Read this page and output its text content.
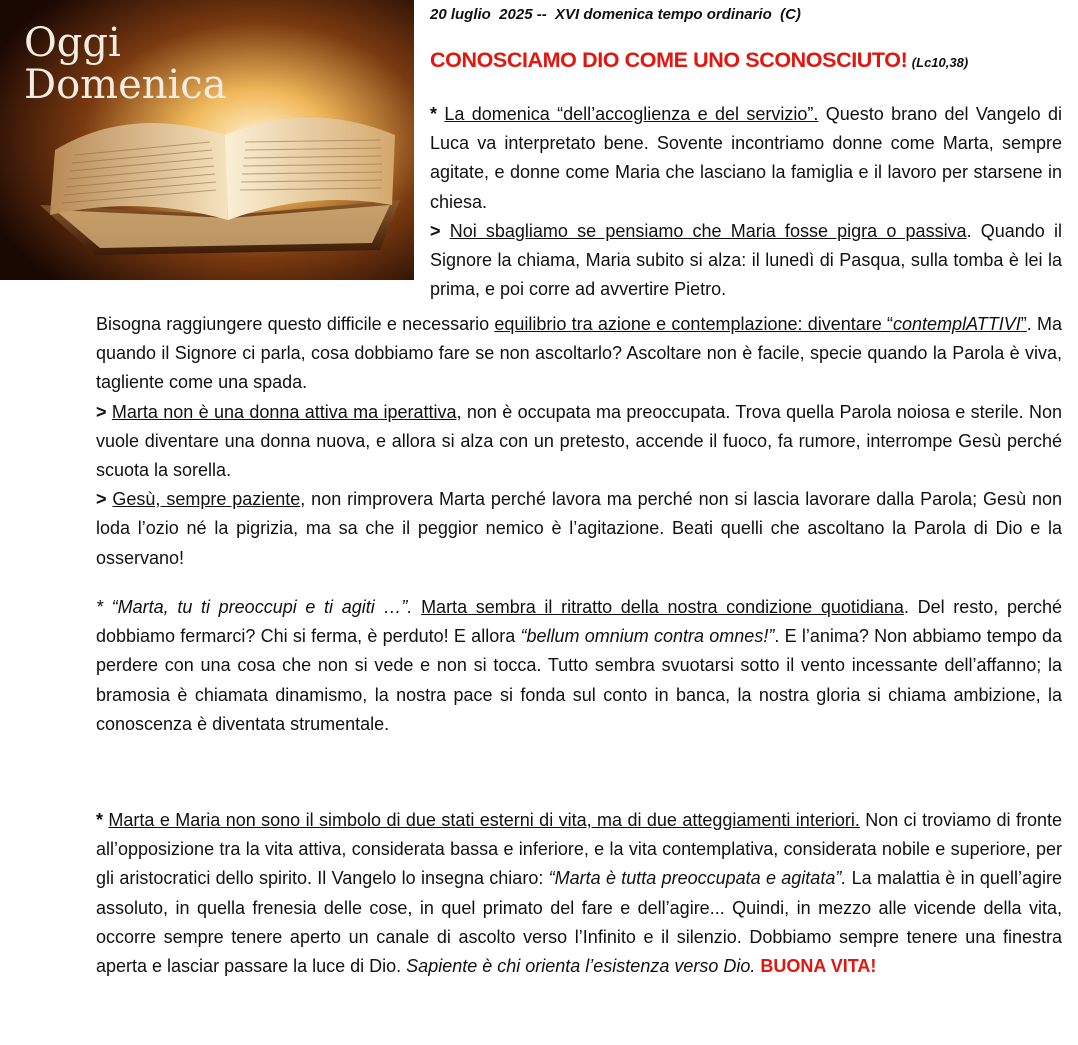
Oggi
Domenica
20 luglio  2025 --  XVI domenica tempo ordinario  (C)
CONOSCIAMO DIO COME UNO SCONOSCIUTO! (Lc10,38)

* La domenica “dell’accoglienza e del servizio”. Questo brano del Vangelo di Luca va interpretato bene. Sovente incontriamo donne come Marta, sempre agitate, e donne come Maria che lasciano la famiglia e il lavoro per starsene in chiesa.
> Noi sbagliamo se pensiamo che Maria fosse pigra o passiva. Quando il Signore la chiama, Maria subito si alza: il lunedì di Pasqua, sulla tomba è lei la prima, e poi corre ad avvertire Pietro.

Bisogna raggiungere questo difficile e necessario equilibrio tra azione e contemplazione: diventare “contemplATTIVI”. Ma quando il Signore ci parla, cosa dobbiamo fare se non ascoltarlo? Ascoltare non è facile, specie quando la Parola è viva, tagliente come una spada.
> Marta non è una donna attiva ma iperattiva, non è occupata ma preoccupata. Trova quella Parola noiosa e sterile. Non vuole diventare una donna nuova, e allora si alza con un pretesto, accende il fuoco, fa rumore, interrompe Gesù perché scuota la sorella.
> Gesù, sempre paziente, non rimprovera Marta perché lavora ma perché non si lascia lavorare dalla Parola; Gesù non loda l’ozio né la pigrizia, ma sa che il peggior nemico è l’agitazione. Beati quelli che ascoltano la Parola di Dio e la osservano!

* “Marta, tu ti preoccupi e ti agiti …”. Marta sembra il ritratto della nostra condizione quotidiana. Del resto, perché dobbiamo fermarci? Chi si ferma, è perduto! E allora “bellum omnium contra omnes!”. E l’anima? Non abbiamo tempo da perdere con una cosa che non si vede e non si tocca. Tutto sembra svuotarsi sotto il vento incessante dell’affanno; la bramosia è chiamata dinamismo, la nostra pace si fonda sul conto in banca, la nostra gloria si chiama ambizione, la conoscenza è diventata strumentale.

* Marta e Maria non sono il simbolo di due stati esterni di vita, ma di due atteggiamenti interiori. Non ci troviamo di fronte all’opposizione tra la vita attiva, considerata bassa e inferiore, e la vita contemplativa, considerata nobile e superiore, per gli aristocratici dello spirito. Il Vangelo lo insegna chiaro: “Marta è tutta preoccupata e agitata”. La malattia è in quell’agire assoluto, in quella frenesia delle cose, in quel primato del fare e dell’agire... Quindi, in mezzo alle vicende della vita, occorre sempre tenere aperto un canale di ascolto verso l’Infinito e il silenzio. Dobbiamo sempre tenere una finestra aperta e lasciar passare la luce di Dio. Sapiente è chi orienta l’esistenza verso Dio. BUONA VITA!
